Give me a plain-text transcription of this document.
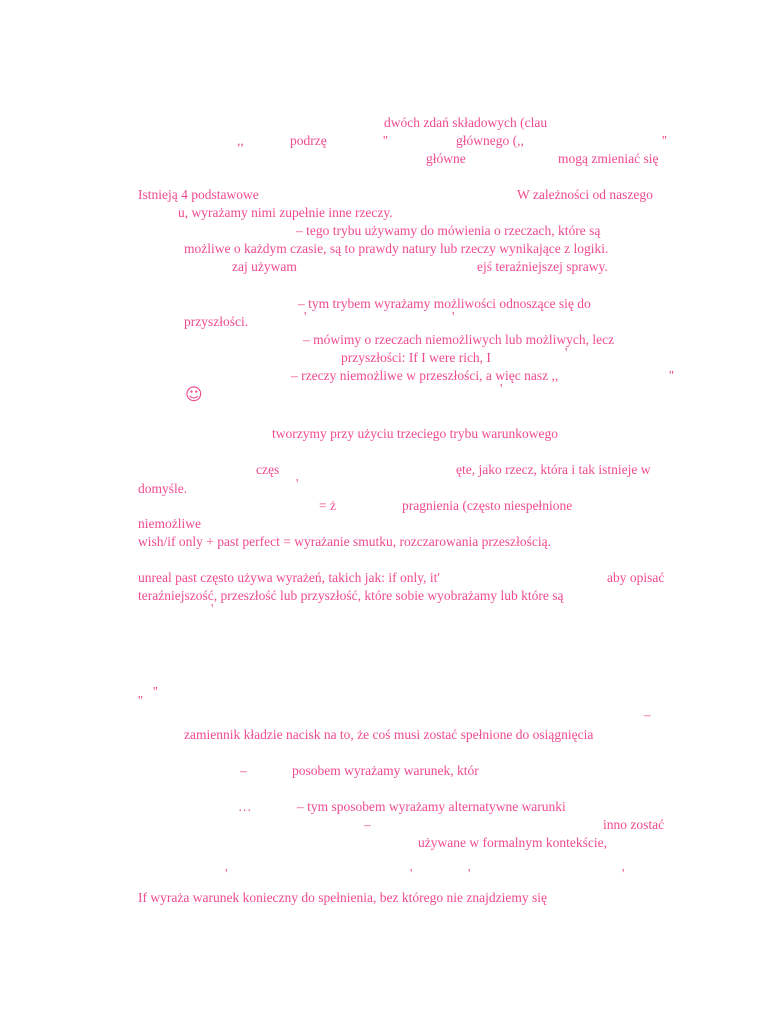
dwóch zdań składowych (clau
,,	podrzę	''	głównego (,,	''
główne	mogą zmieniać się
Istnieją 4 podstawowe	W zależności od naszego
u, wyrażamy nimi zupełnie inne rzeczy.
– tego trybu używamy do mówienia o rzeczach, które są
możliwe o każdym czasie, są to prawdy natury lub rzeczy wynikające z logiki.
zaj używam	ejś teraźniejszej sprawy.
– tym trybem wyrażamy możliwości odnoszące się do
przyszłości.	'	'
– mówimy o rzeczach niemożliwych lub możliwych, lecz
przyszłości: If I were rich, I	'
– rzeczy niemożliwe w przeszłości, a więc nasz ,,	''
☺	'
tworzymy przy użyciu trzeciego trybu warunkowego
częs	ęte, jako rzecz, która i tak istnieje w
domyśle.	'
= ż	pragnienia (często niespełnione
niemożliwe
wish/if only + past perfect = wyrażanie smutku, rozczarowania przeszłością.
unreal past często używa wyrażeń, takich jak: if only, it'	aby opisać
teraźniejszość, przeszłość lub przyszłość, które sobie wyobrażamy lub które są
'
''
''
–
zamiennik kładzie nacisk na to, że coś musi zostać spełnione do osiągnięcia
–	posobem wyrażamy warunek, któr
…	– tym sposobem wyrażamy alternatywne warunki
–	inno zostać
używane w formalnym kontekście,
'	'	'	'
If wyraża warunek konieczny do spełnienia, bez którego nie znajdziemy się
